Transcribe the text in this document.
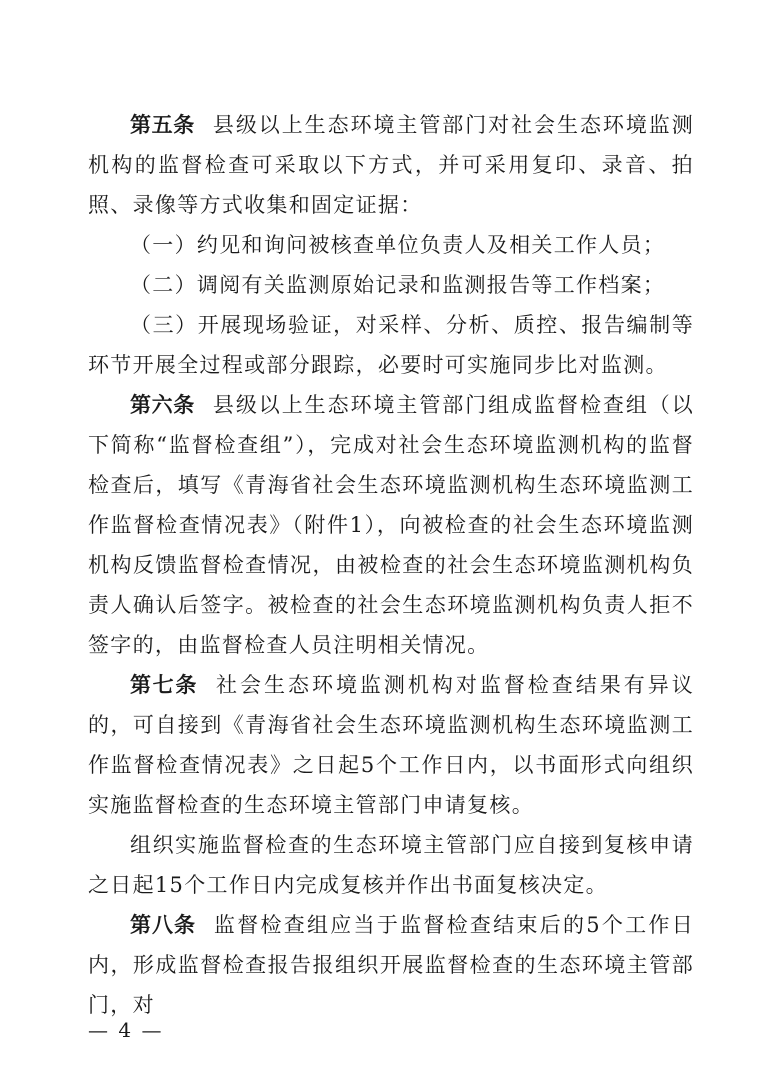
第五条 县级以上生态环境主管部门对社会生态环境监测机构的监督检查可采取以下方式，并可采用复印、录音、拍照、录像等方式收集和固定证据：

（一）约见和询问被核查单位负责人及相关工作人员；

（二）调阅有关监测原始记录和监测报告等工作档案；

（三）开展现场验证，对采样、分析、质控、报告编制等环节开展全过程或部分跟踪，必要时可实施同步比对监测。

第六条 县级以上生态环境主管部门组成监督检查组（以下简称“监督检查组”），完成对社会生态环境监测机构的监督检查后，填写《青海省社会生态环境监测机构生态环境监测工作监督检查情况表》（附件1），向被检查的社会生态环境监测机构反馈监督检查情况，由被检查的社会生态环境监测机构负责人确认后签字。被检查的社会生态环境监测机构负责人拒不签字的，由监督检查人员注明相关情况。

第七条 社会生态环境监测机构对监督检查结果有异议的，可自接到《青海省社会生态环境监测机构生态环境监测工作监督检查情况表》之日起5个工作日内，以书面形式向组织实施监督检查的生态环境主管部门申请复核。

组织实施监督检查的生态环境主管部门应自接到复核申请之日起15个工作日内完成复核并作出书面复核决定。

第八条 监督检查组应当于监督检查结束后的5个工作日内，形成监督检查报告报组织开展监督检查的生态环境主管部门，对

— 4 —
